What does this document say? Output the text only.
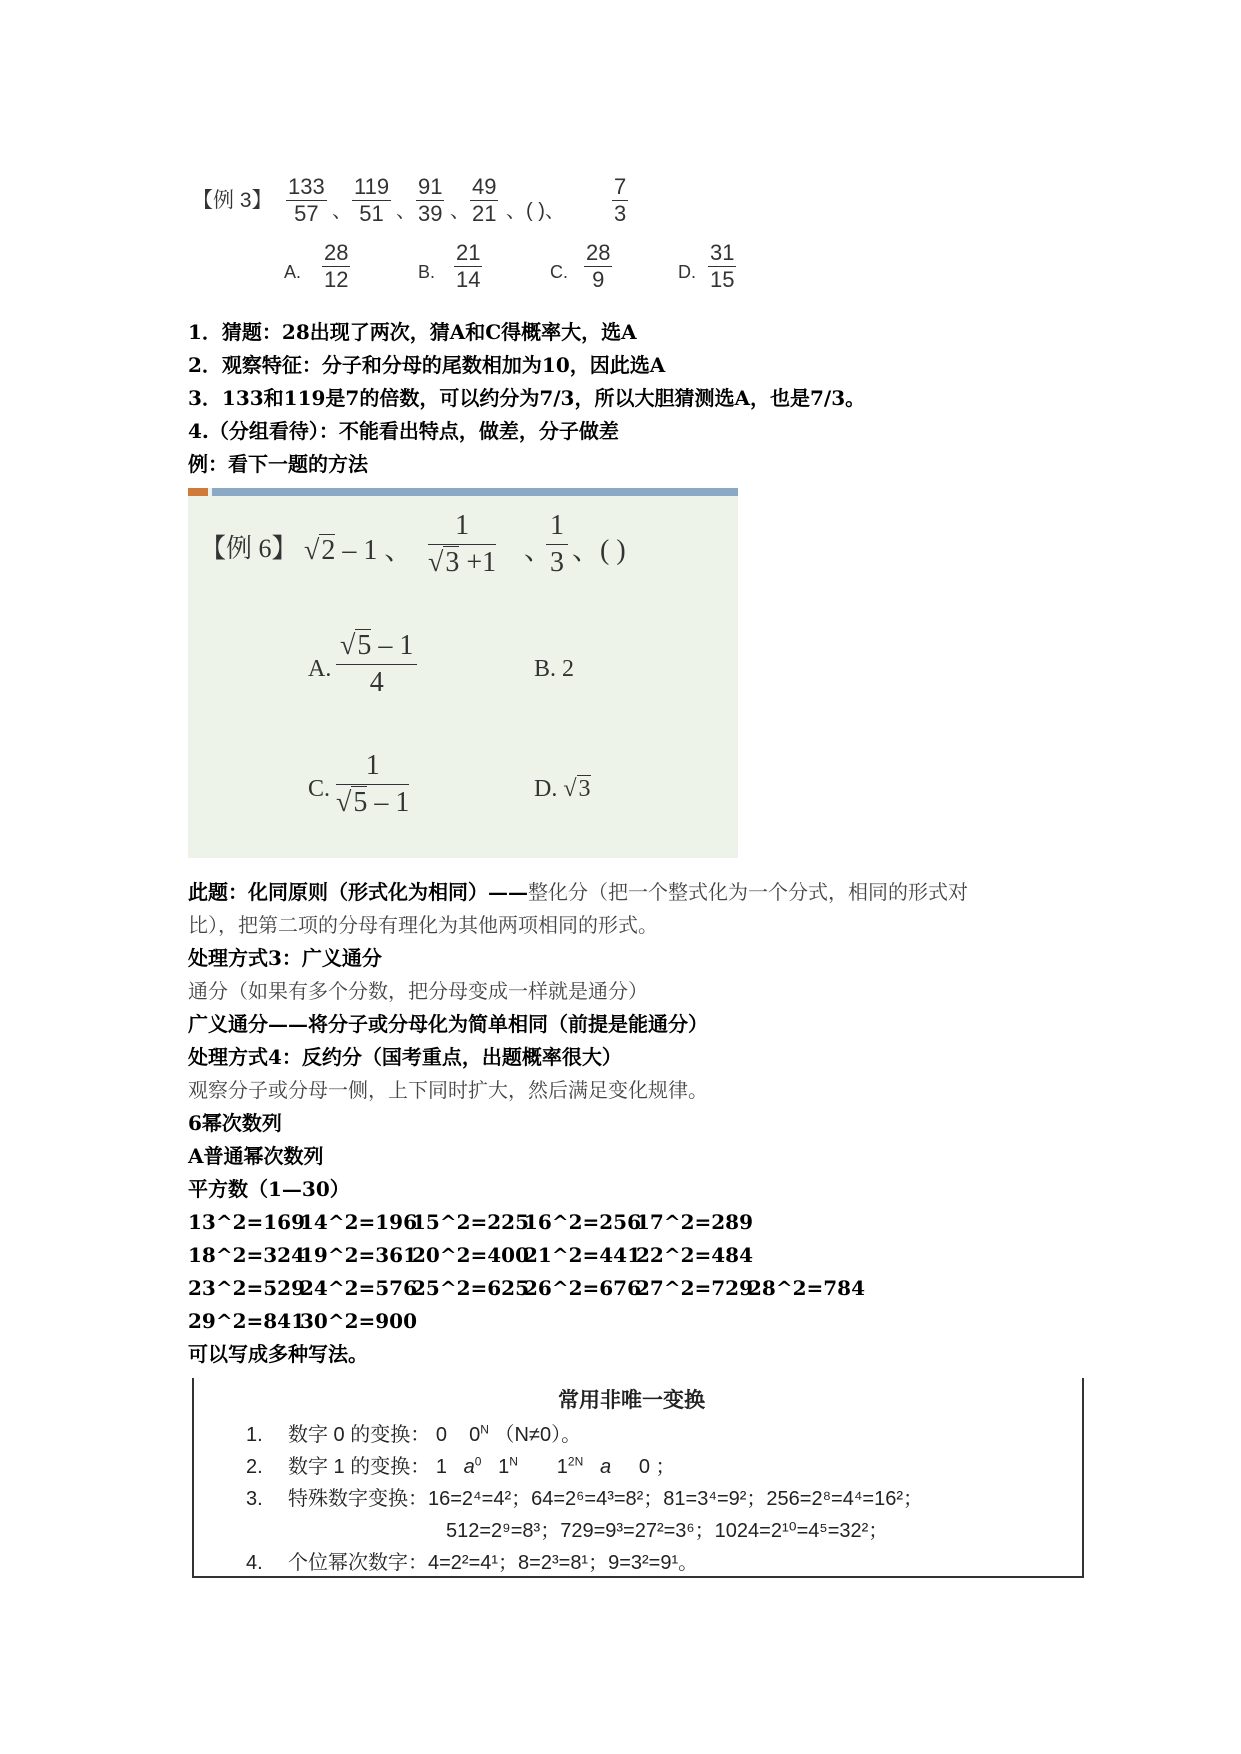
【例 3】
133
57 、
119
51 、
91
39 、
49
21 、( )、
7
3
A.
28
12	B.
21
14	C.
28
9	D.
31
15
1．猜题：28出现了两次，猜A和C得概率大，选A
2．观察特征：分子和分母的尾数相加为10，因此选A
3．133和119是7的倍数，可以约分为7/3，所以大胆猜测选A，也是7/3。
4.（分组看待）：不能看出特点，做差，分子做差
例：看下一题的方法
【例 6】 √2 – 1 、
1
√3 +1 、
1
3 、( )
A.
√5 – 1
4	B. 2
C.
1
√5 – 1	D. √3
此题：化同原则（形式化为相同）——整化分（把一个整式化为一个分式，相同的形式对
比），把第二项的分母有理化为其他两项相同的形式。
处理方式3：广义通分
通分（如果有多个分数，把分母变成一样就是通分）
广义通分——将分子或分母化为简单相同（前提是能通分）
处理方式4：反约分（国考重点，出题概率很大）
观察分子或分母一侧，上下同时扩大，然后满足变化规律。
6幂次数列
A普通幂次数列
平方数（1—30）
13^2=16914^2=19615^2=22516^2=25617^2=289
18^2=32419^2=36120^2=40021^2=44122^2=484
23^2=52924^2=57625^2=62526^2=67627^2=72928^2=784
29^2=84130^2=900
可以写成多种写法。
常用非唯一变换
1. 数字 0 的变换： 0 $0^N$ （N≠0）。
2. 数字 1 的变换： 1 $a^0$ $1^N$ $1^{2N}$ a 0 ；
3. 特殊数字变换：16=2⁴=4²；64=2⁶=4³=8²；81=3⁴=9²；256=2⁸=4⁴=16²；
512=2⁹=8³；729=9³=27²=3⁶；1024=2¹⁰=4⁵=32²；
4. 个位幂次数字：4=2²=4¹；8=2³=8¹；9=3²=9¹。
